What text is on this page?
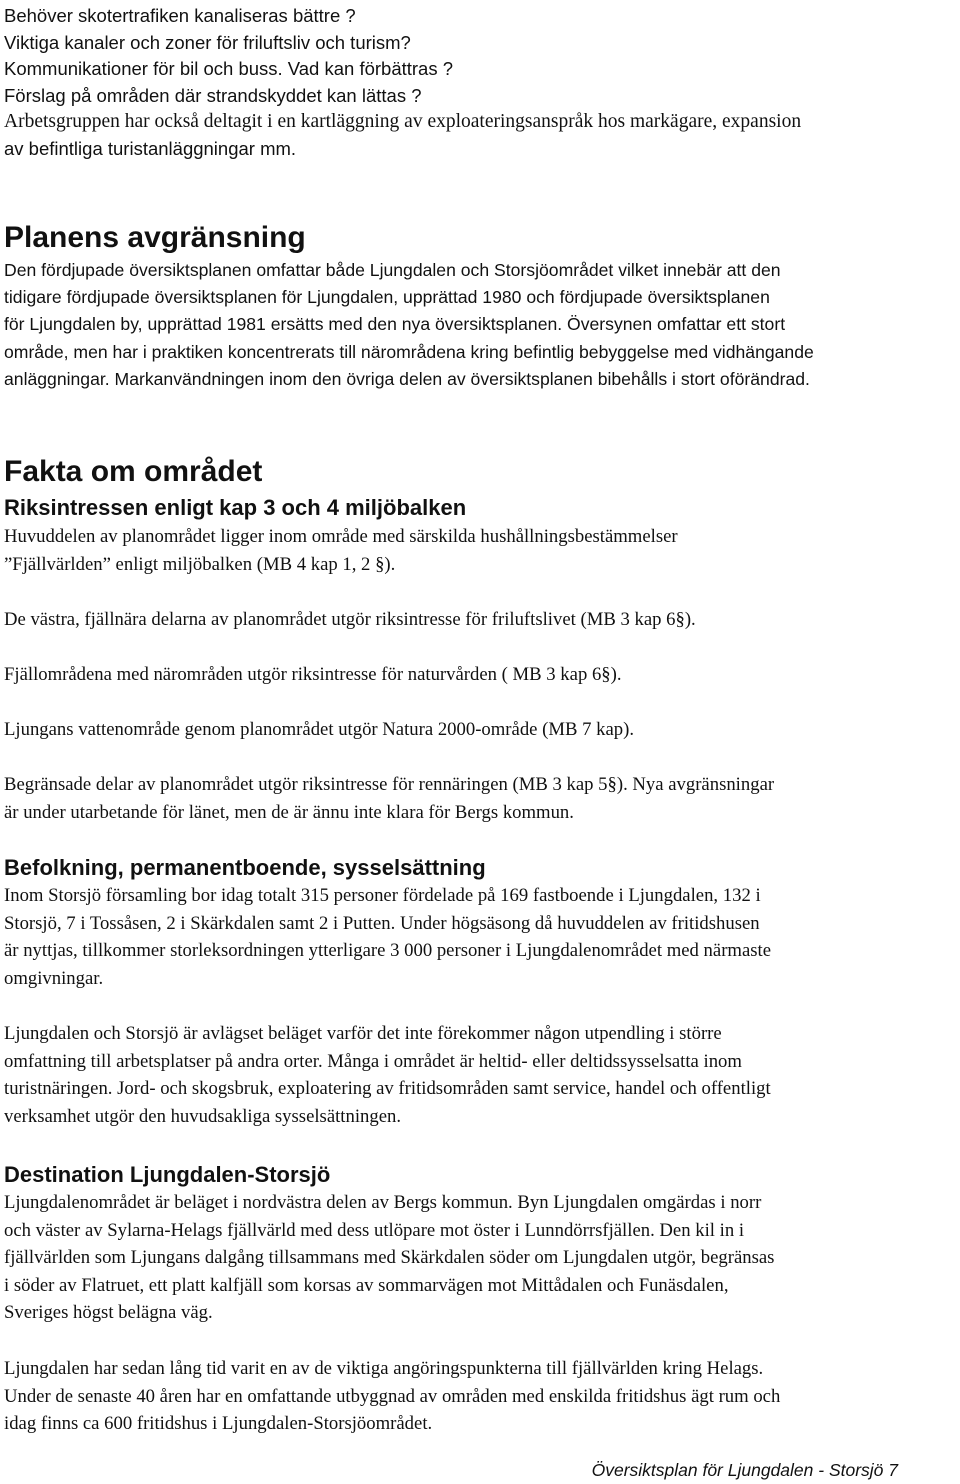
Behöver skotertrafiken kanaliseras bättre ?
Viktiga kanaler och zoner för friluftsliv och turism?
Kommunikationer för bil och buss. Vad kan förbättras ?
Förslag på områden där strandskyddet kan lättas ?
Arbetsgruppen har också deltagit i en kartläggning av exploateringsanspråk hos markägare, expansion
av befintliga turistanläggningar mm.
Planens avgränsning
Den fördjupade översiktsplanen omfattar både Ljungdalen och Storsjöområdet vilket innebär att den
tidigare fördjupade översiktsplanen för Ljungdalen, upprättad 1980 och fördjupade översiktsplanen
för Ljungdalen by, upprättad 1981 ersätts med den nya översiktsplanen. Översynen omfattar ett stort
område, men har i praktiken koncentrerats till närområdena kring befintlig bebyggelse med vidhängande
anläggningar. Markanvändningen inom den övriga delen av översiktsplanen bibehålls i stort oförändrad.
Fakta om området
Riksintressen enligt kap 3 och 4 miljöbalken
Huvuddelen av planområdet ligger inom område med särskilda hushållningsbestämmelser
”Fjällvärlden” enligt miljöbalken (MB 4 kap 1, 2 §).
De västra, fjällnära delarna av planområdet utgör riksintresse för friluftslivet (MB 3 kap 6§).
Fjällområdena med närområden utgör riksintresse för naturvården ( MB 3 kap 6§).
Ljungans vattenområde genom planområdet utgör Natura 2000-område (MB 7 kap).
Begränsade delar av planområdet utgör riksintresse för rennäringen (MB 3 kap 5§). Nya avgränsningar
är under utarbetande för länet, men de är ännu inte klara för Bergs kommun.
Befolkning, permanentboende, sysselsättning
Inom Storsjö församling bor idag totalt 315 personer fördelade på 169 fastboende i Ljungdalen, 132 i
Storsjö, 7 i Tossåsen, 2 i Skärkdalen samt 2 i Putten. Under högsäsong då huvuddelen av fritidshusen
är nyttjas, tillkommer storleksordningen ytterligare 3 000 personer i Ljungdalenområdet med närmaste
omgivningar.
Ljungdalen och Storsjö är avlägset beläget varför det inte förekommer någon utpendling i större
omfattning till arbetsplatser på andra orter. Många i området är heltid- eller deltidssysselsatta inom
turistnäringen. Jord- och skogsbruk, exploatering av fritidsområden samt service, handel och offentligt
verksamhet utgör den huvudsakliga sysselsättningen.
Destination Ljungdalen-Storsjö
Ljungdalenområdet är beläget i nordvästra delen av Bergs kommun. Byn Ljungdalen omgärdas i norr
och väster av Sylarna-Helags fjällvärld med dess utlöpare mot öster i Lunndörrsfjällen. Den kil in i
fjällvärlden som Ljungans dalgång tillsammans med Skärkdalen söder om Ljungdalen utgör, begränsas
i söder av Flatruet, ett platt kalfjäll som korsas av sommarvägen mot Mittådalen och Funäsdalen,
Sveriges högst belägna väg.
Ljungdalen har sedan lång tid varit en av de viktiga angöringspunkterna till fjällvärlden kring Helags.
Under de senaste 40 åren har en omfattande utbyggnad av områden med enskilda fritidshus ägt rum och
idag finns ca 600 fritidshus i Ljungdalen-Storsjöområdet.
Översiktsplan för Ljungdalen - Storsjö 7
